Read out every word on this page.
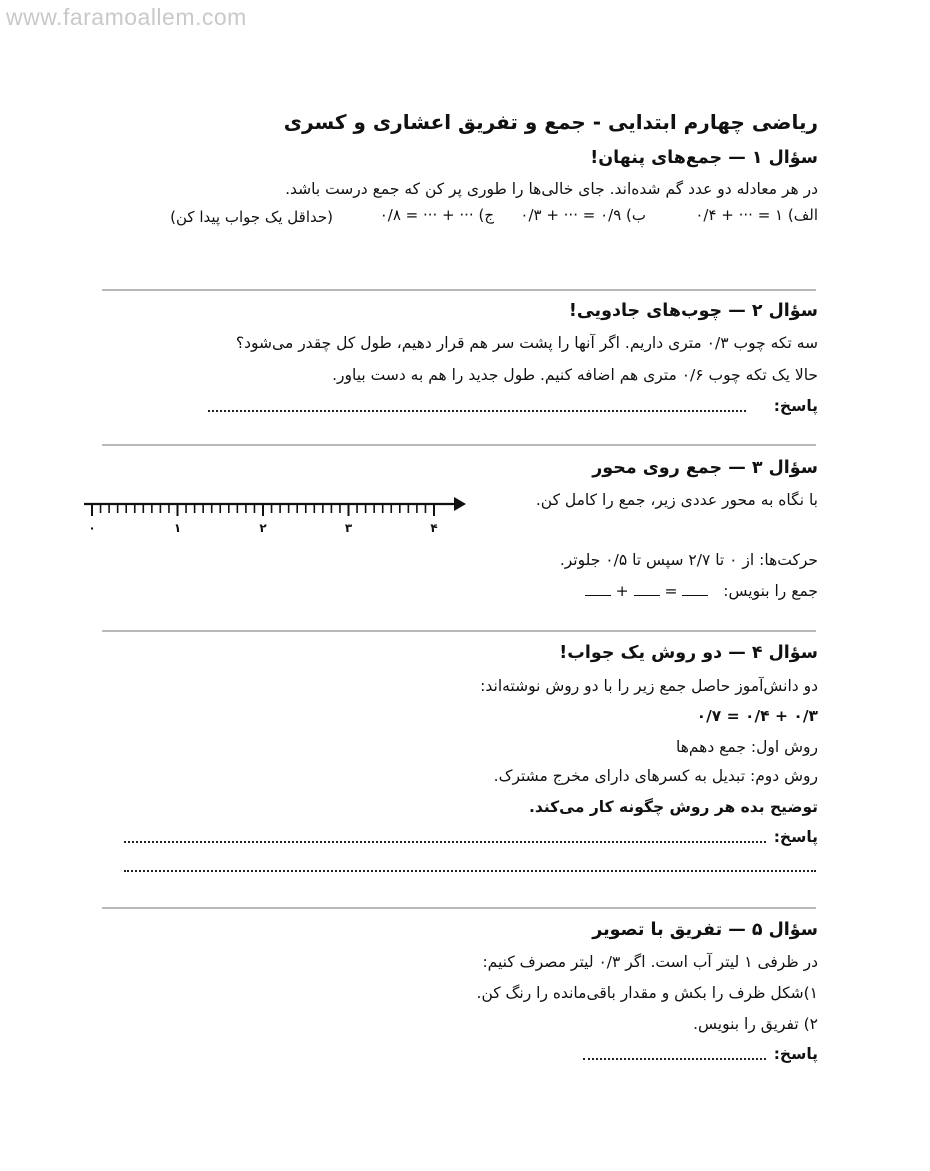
www.faramoallem.com
ریاضی چهارم ابتدایی - جمع و تفریق اعشاری و کسری
سؤال ۱ — جمع‌های پنهان!
در هر معادله دو عدد گم شده‌اند. جای خالی‌ها را طوری پر کن که جمع درست باشد.
الف) ۱ = ··· + ۰/۴
ب) ۰/۹ = ··· + ۰/۳
ج) ··· + ··· = ۰/۸
(حداقل یک جواب پیدا کن)
سؤال ۲ — چوب‌های جادویی!
سه تکه چوب ۰/۳ متری داریم. اگر آنها را پشت سر هم قرار دهیم، طول کل چقدر می‌شود؟
حالا یک تکه چوب ۰/۶ متری هم اضافه کنیم. طول جدید را هم به دست بیاور.
پاسخ:
سؤال ۳ — جمع روی محور
با نگاه به محور عددی زیر، جمع را کامل کن.
۰	۱	۲	۳	۴
حرکت‌ها: از ۰ تا ۲/۷ سپس تا ۰/۵ جلوتر.
جمع را بنویس:    =  +
سؤال ۴ — دو روش یک جواب!
دو دانش‌آموز حاصل جمع زیر را با دو روش نوشته‌اند:
۰/۳ + ۰/۴ = ۰/۷
روش اول: جمع دهم‌ها
روش دوم: تبدیل به کسرهای دارای مخرج مشترک.
توضیح بده هر روش چگونه کار می‌کند.
پاسخ:
سؤال ۵ — تفریق با تصویر
در ظرفی ۱ لیتر آب است. اگر ۰/۳ لیتر مصرف کنیم:
۱)شکل ظرف را بکش و مقدار باقی‌مانده را رنگ کن.
۲) تفریق را بنویس.
پاسخ:
